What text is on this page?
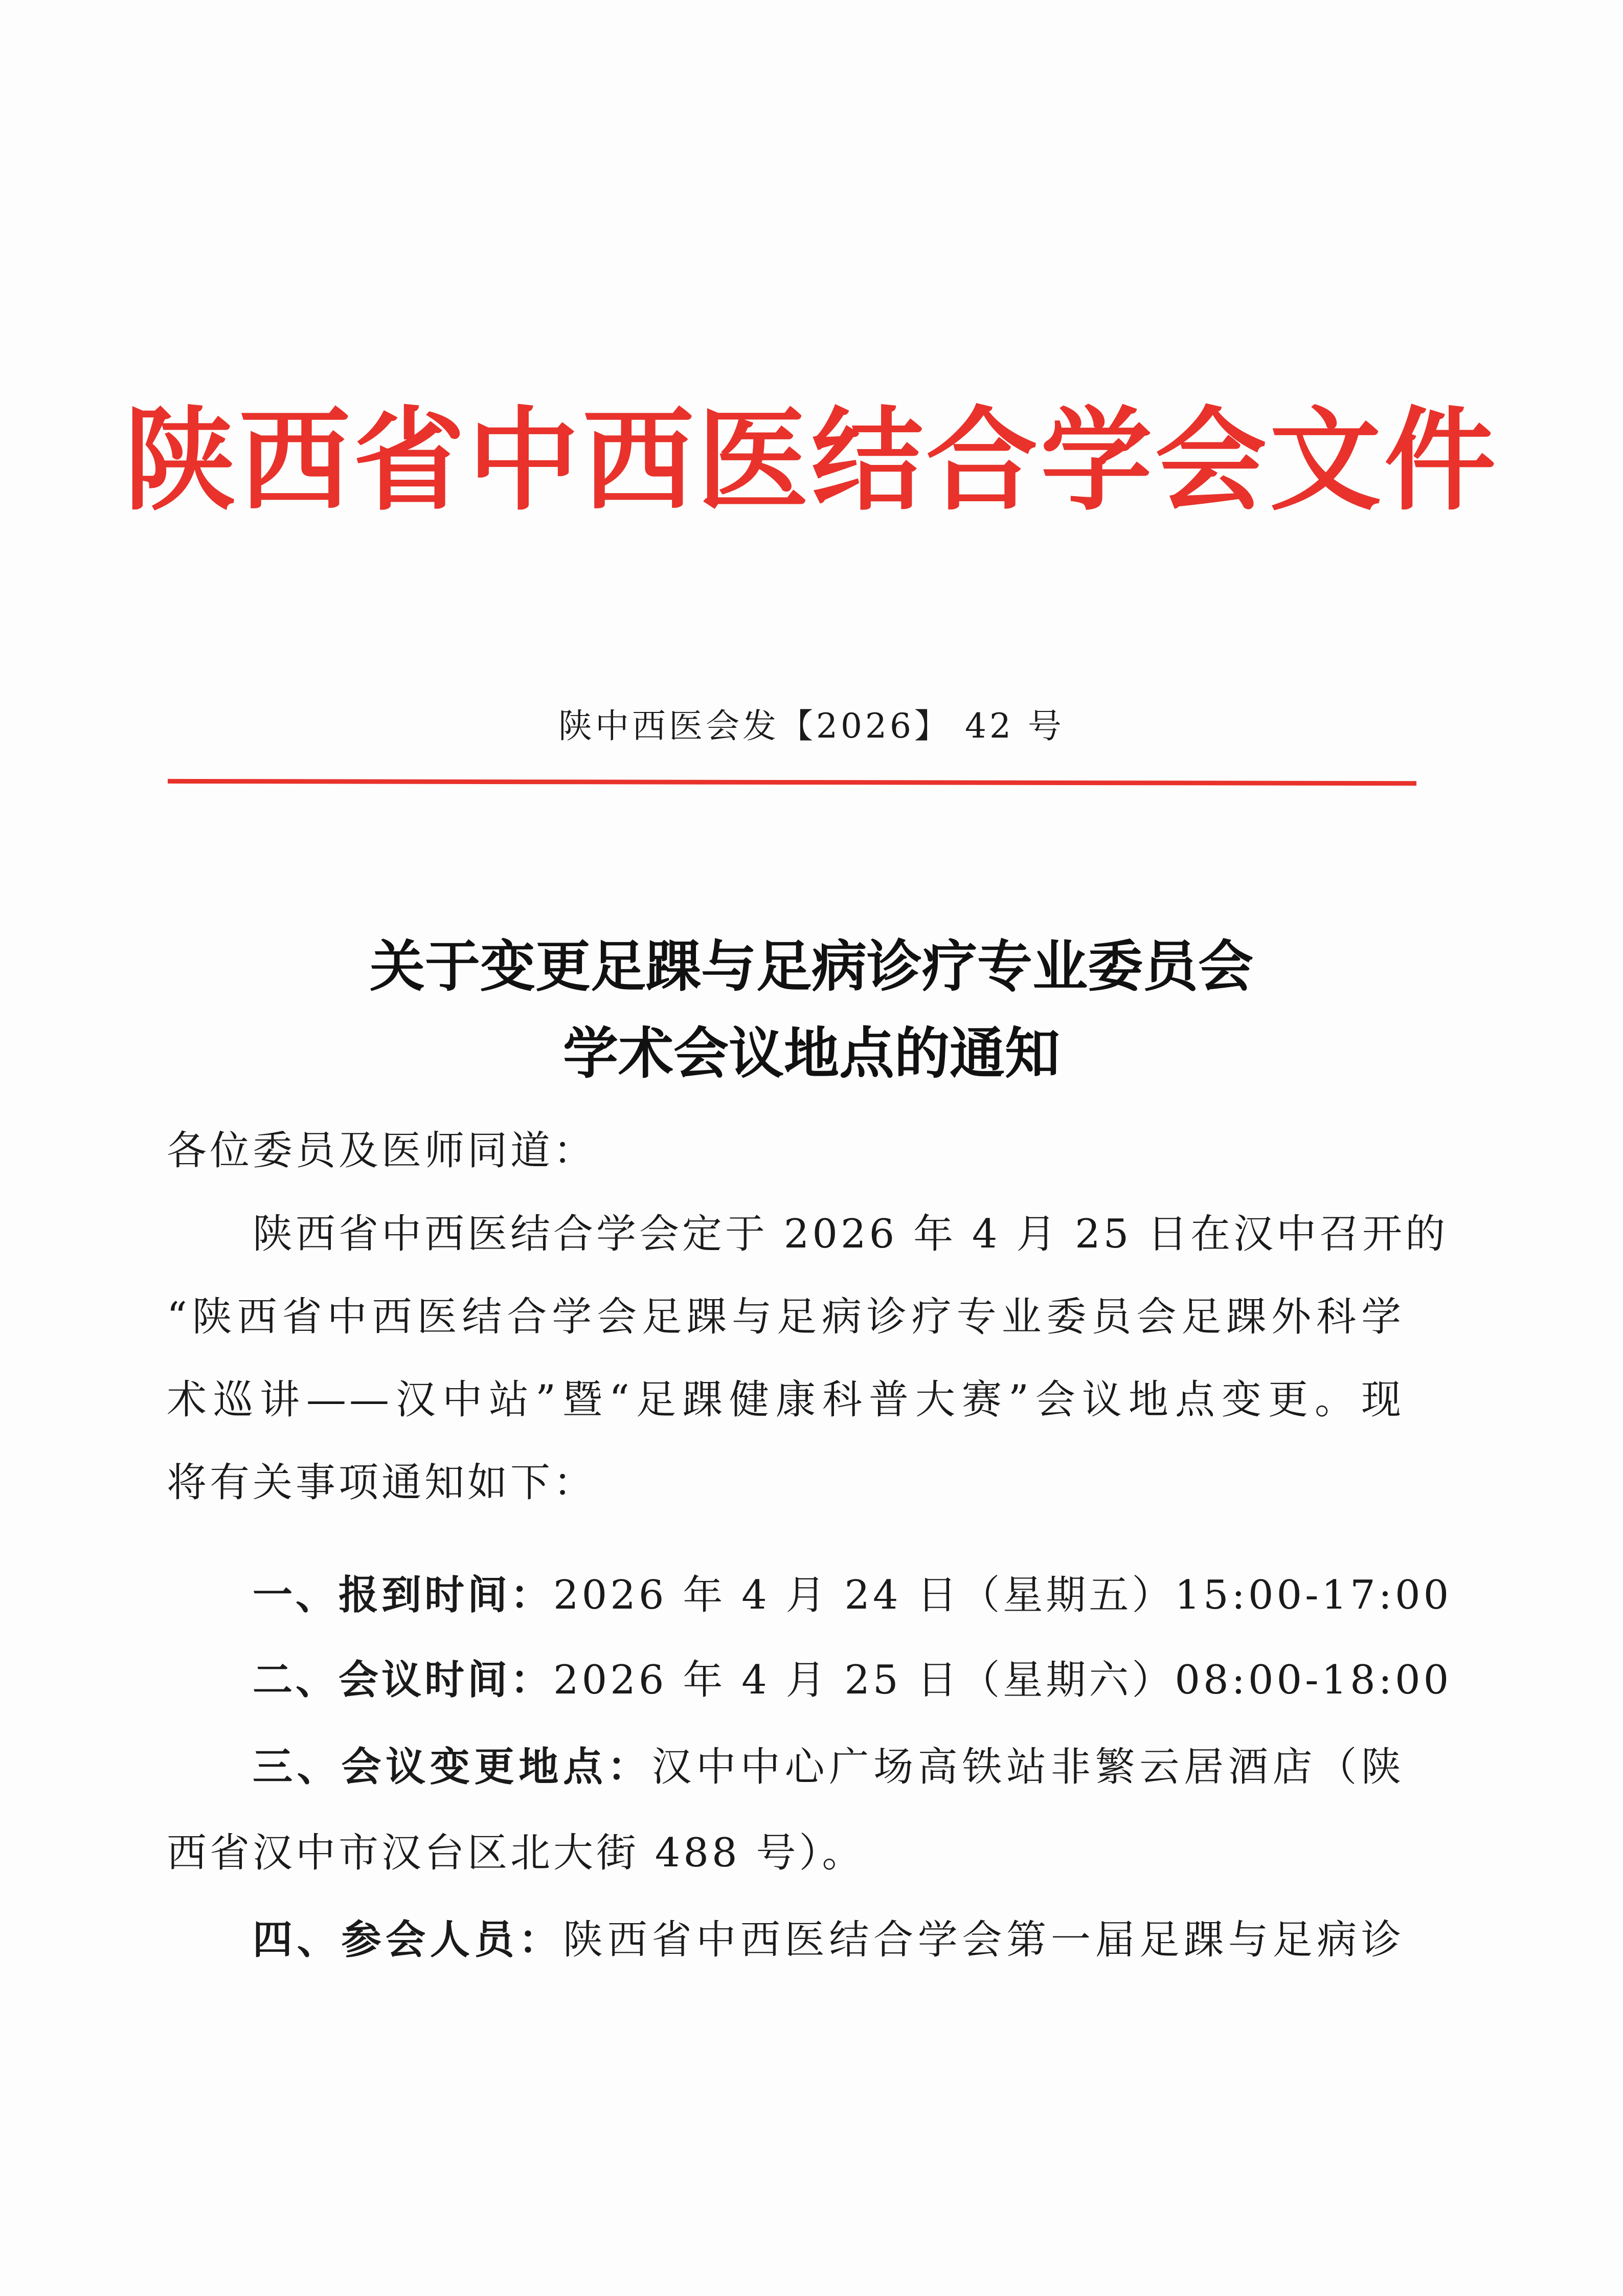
陕西省中西医结合学会文件
陕中西医会发【2026】 42 号
关于变更足踝与足病诊疗专业委员会
学术会议地点的通知
各位委员及医师同道：
陕西省中西医结合学会定于 2026 年 4 月 25 日在汉中召开的
“陕西省中西医结合学会足踝与足病诊疗专业委员会足踝外科学
术巡讲——汉中站”暨“足踝健康科普大赛”会议地点变更。现
将有关事项通知如下：
一、报到时间：2026 年 4 月 24 日（星期五）15:00-17:00
二、会议时间：2026 年 4 月 25 日（星期六）08:00-18:00
三、会议变更地点：汉中中心广场高铁站非繁云居酒店（陕
西省汉中市汉台区北大街 488 号）。
四、参会人员：陕西省中西医结合学会第一届足踝与足病诊
